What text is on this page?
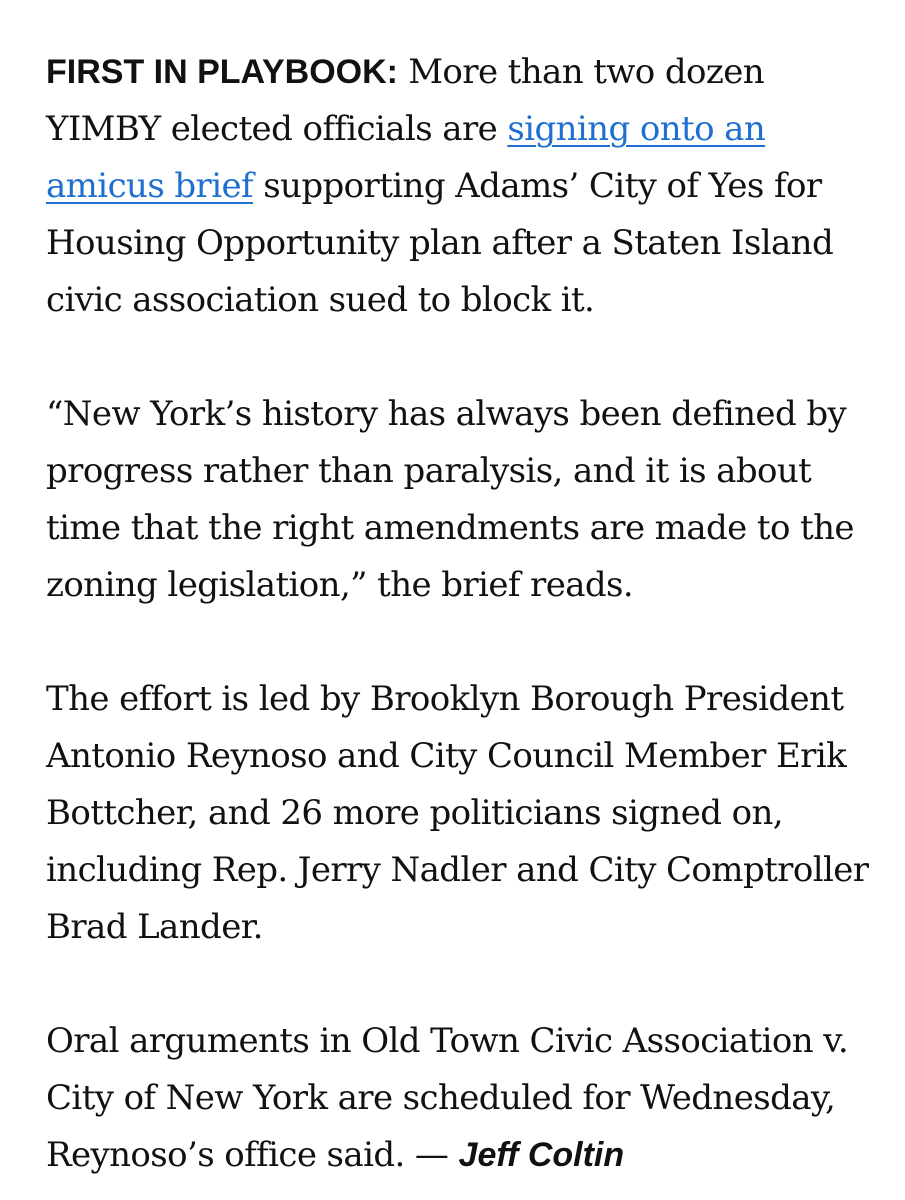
FIRST IN PLAYBOOK: More than two dozen YIMBY elected officials are signing onto an amicus brief supporting Adams’ City of Yes for Housing Opportunity plan after a Staten Island civic association sued to block it.

“New York’s history has always been defined by progress rather than paralysis, and it is about time that the right amendments are made to the zoning legislation,” the brief reads.

The effort is led by Brooklyn Borough President Antonio Reynoso and City Council Member Erik Bottcher, and 26 more politicians signed on, including Rep. Jerry Nadler and City Comptroller Brad Lander.

Oral arguments in Old Town Civic Association v. City of New York are scheduled for Wednesday, Reynoso’s office said. — Jeff Coltin
